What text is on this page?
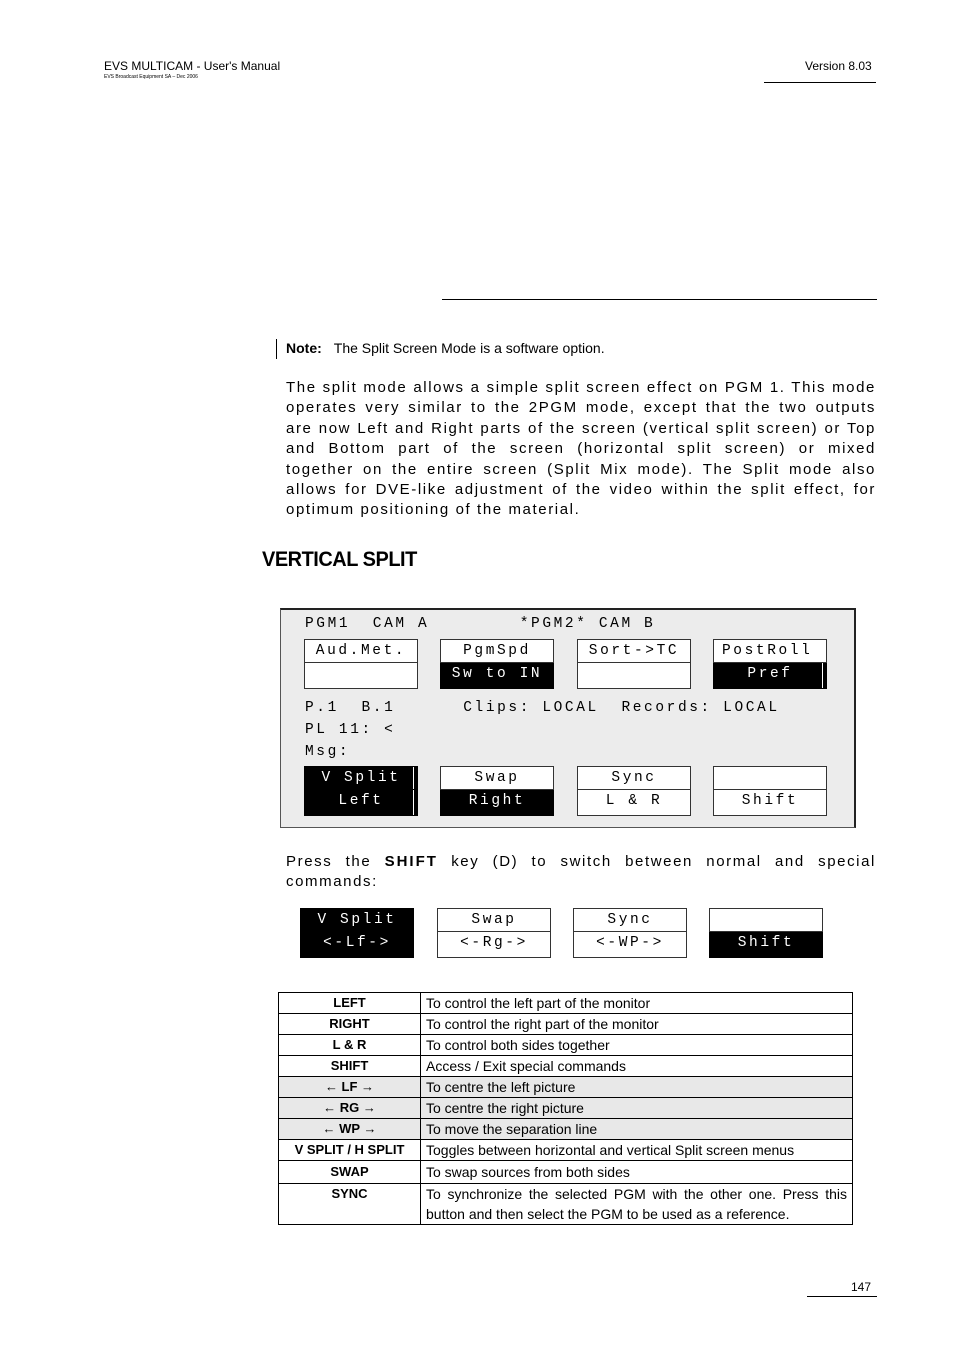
EVS MULTICAM - User's Manual
EVS Broadcast Equipment SA – Dec 2006
Version 8.03
Note: The Split Screen Mode is a software option.
The split mode allows a simple split screen effect on PGM 1. This mode operates very similar to the 2PGM mode, except that the two outputs are now Left and Right parts of the screen (vertical split screen) or Top and Bottom part of the screen (horizontal split screen) or mixed together on the entire screen (Split Mix mode). The Split mode also allows for DVE-like adjustment of the video within the split effect, for optimum positioning of the material.
VERTICAL SPLIT
PGM1  CAM A        *PGM2* CAM B
Aud.Met.	PgmSpd
Sw to IN
Sort->TC	PostRoll
Pref
P.1  B.1      Clips: LOCAL  Records: LOCAL
PL 11: <
Msg:
V Split
Left
Swap
Right
Sync
L & R	Shift
Press the SHIFT key (D) to switch between normal and special commands:
V Split
<-Lf->
Swap
<-Rg->
Sync
<-WP->	Shift
LEFT	To control the left part of the monitor
RIGHT	To control the right part of the monitor
L & R	To control both sides together
SHIFT	Access / Exit special commands
← LF →	To centre the left picture
← RG →	To centre the right picture
← WP →	To move the separation line
V SPLIT / H SPLIT	Toggles between horizontal and vertical Split screen menus
SWAP	To swap sources from both sides
SYNC	To synchronize the selected PGM with the other one. Press this button and then select the PGM to be used as a reference.
147
